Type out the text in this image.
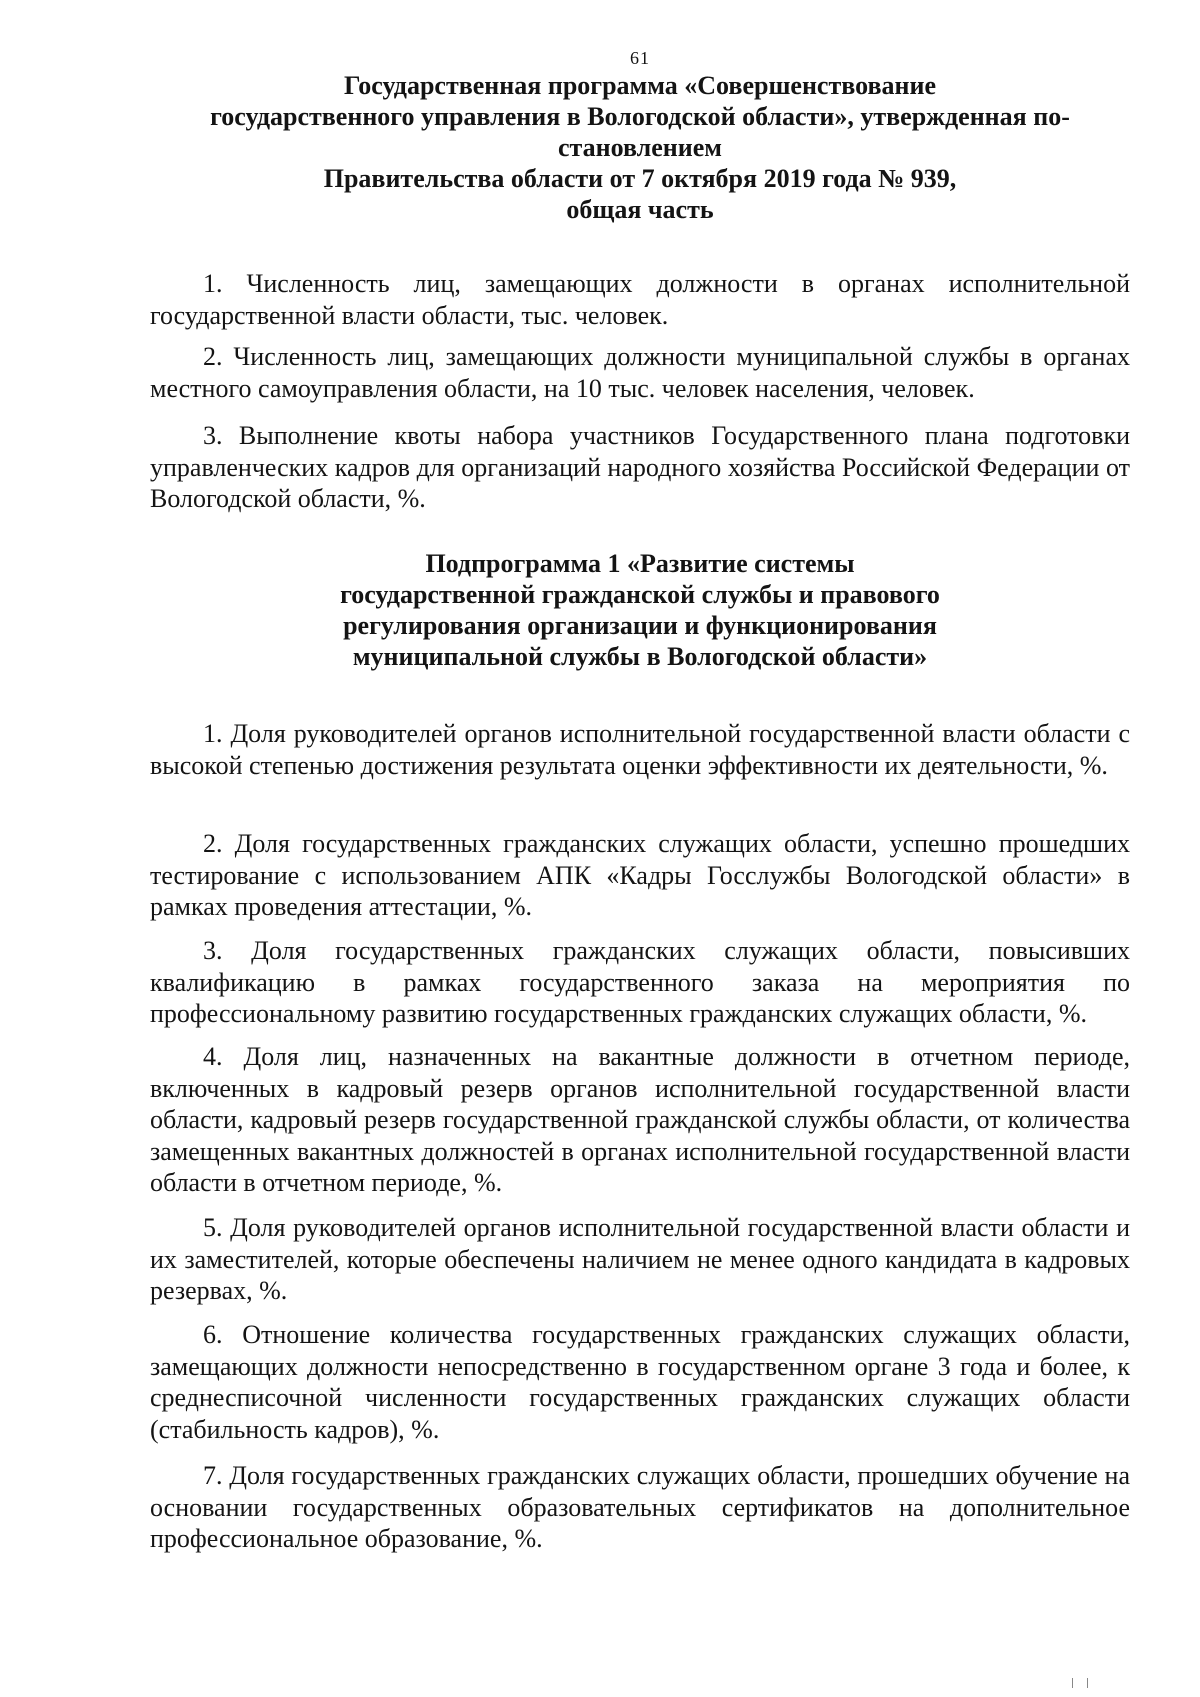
61
Государственная программа «Совершенствование
государственного управления в Вологодской области», утвержденная по-
становлением
Правительства области от 7 октября 2019 года № 939,
общая часть

1. Численность лиц, замещающих должности в органах исполнительной государственной власти области, тыс. человек.

2. Численность лиц, замещающих должности муниципальной службы в органах местного самоуправления области, на 10 тыс. человек населения, человек.

3. Выполнение квоты набора участников Государственного плана подготовки управленческих кадров для организаций народного хозяйства Российской Федерации от Вологодской области, %.

Подпрограмма 1 «Развитие системы
государственной гражданской службы и правового
регулирования организации и функционирования
муниципальной службы в Вологодской области»

1. Доля руководителей органов исполнительной государственной власти области с высокой степенью достижения результата оценки эффективности их деятельности, %.

2. Доля государственных гражданских служащих области, успешно прошедших тестирование с использованием АПК «Кадры Госслужбы Вологодской области» в рамках проведения аттестации, %.

3. Доля государственных гражданских служащих области, повысивших квалификацию в рамках государственного заказа на мероприятия по профессиональному развитию государственных гражданских служащих области, %.

4. Доля лиц, назначенных на вакантные должности в отчетном периоде, включенных в кадровый резерв органов исполнительной государственной власти области, кадровый резерв государственной гражданской службы области, от количества замещенных вакантных должностей в органах исполнительной государственной власти области в отчетном периоде, %.

5. Доля руководителей органов исполнительной государственной власти области и их заместителей, которые обеспечены наличием не менее одного кандидата в кадровых резервах, %.

6. Отношение количества государственных гражданских служащих области, замещающих должности непосредственно в государственном органе 3 года и более, к среднесписочной численности государственных гражданских служащих области (стабильность кадров), %.

7. Доля государственных гражданских служащих области, прошедших обучение на основании государственных образовательных сертификатов на дополнительное профессиональное образование, %.
